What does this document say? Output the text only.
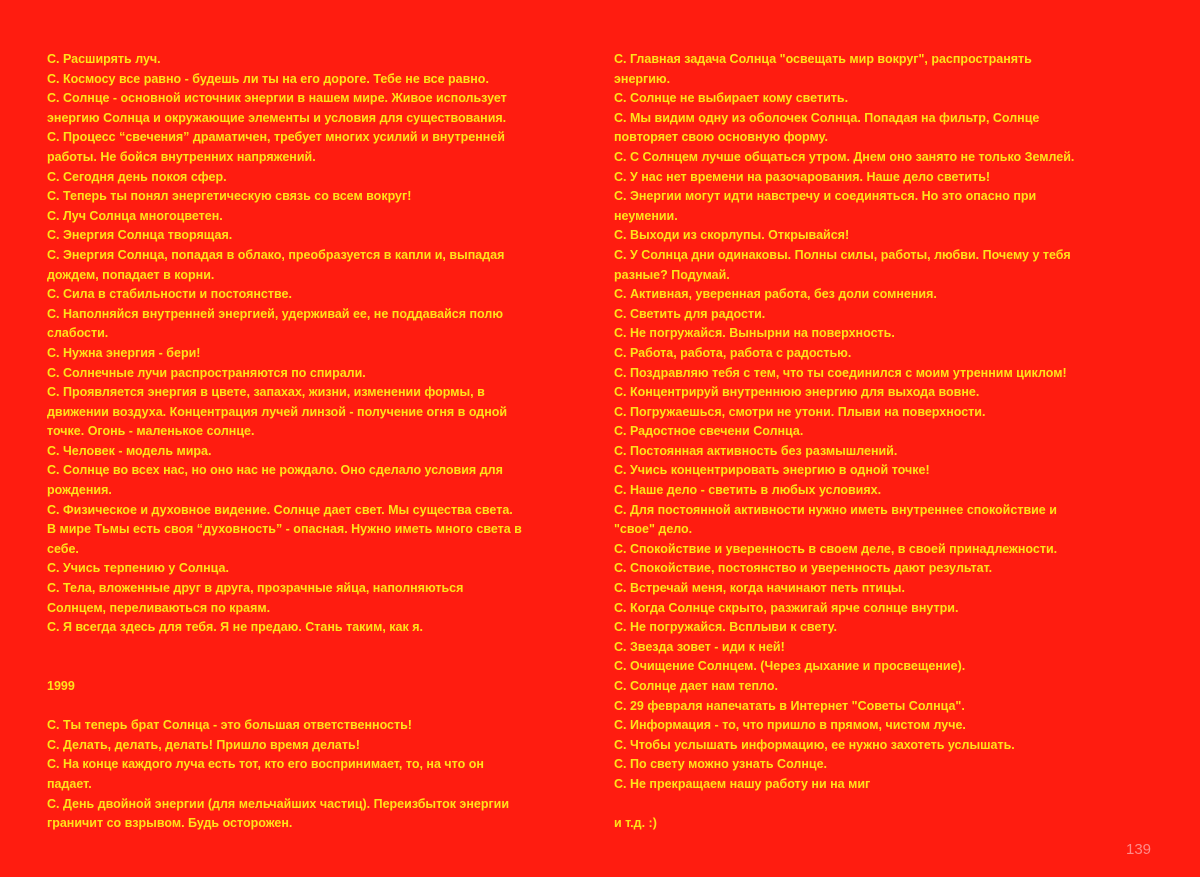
С. Расширять луч.
С. Космосу все равно - будешь ли ты на его дороге. Тебе не все равно.
С. Солнце - основной источник энергии в нашем мире. Живое использует
энергию Солнца и окружающие элементы и условия для существования.
С. Процесс “свечения” драматичен, требует многих усилий и внутренней
работы. Не бойся внутренних напряжений.
С. Сегодня день покоя сфер.
С. Теперь ты понял энергетическую связь со всем вокруг!
С. Луч Солнца многоцветен.
С. Энергия Солнца творящая.
С. Энергия Солнца, попадая в облако, преобразуется в капли и, выпадая
дождем, попадает в корни.
С. Сила в стабильности и постоянстве.
С. Наполняйся внутренней энергией, удерживай ее, не поддавайся полю
слабости.
С. Нужна энергия - бери!
С. Солнечные лучи распространяются по спирали.
С. Проявляется энергия в цвете, запахах, жизни, изменении формы, в
движении воздуха. Концентрация лучей линзой - получение огня в одной
точке. Огонь - маленькое солнце.
С. Человек - модель мира.
С. Солнце во всех нас, но оно нас не рождало. Оно сделало условия для
рождения.
С. Физическое и духовное видение. Солнце дает свет. Мы существа света.
В мире Тьмы есть своя “духовность” - опасная. Нужно иметь много света в
себе.
С. Учись терпению у Солнца.
С. Тела, вложенные друг в друга, прозрачные яйца, наполняються
Солнцем, переливаються по краям.
С. Я всегда здесь для тебя. Я не предаю. Стань таким, как я.
1999
С. Ты теперь брат Солнца - это большая ответственность!
С. Делать, делать, делать! Пришло время делать!
С. На конце каждого луча есть тот, кто его воспринимает, то, на что он
падает.
С. День двойной энергии (для мельчайших частиц). Переизбыток энергии
граничит со взрывом. Будь осторожен.
С. Главная задача Солнца "освещать мир вокруг", распространять
энергию.
С. Солнце не выбирает кому светить.
С. Мы видим одну из оболочек Солнца. Попадая на фильтр, Солнце
повторяет свою основную форму.
С. С Солнцем лучше общаться утром. Днем оно занято не только Землей.
С. У нас нет времени на разочарования. Наше дело светить!
С. Энергии могут идти навстречу и соединяться. Но это опасно при
неумении.
С. Выходи из скорлупы. Открывайся!
С. У Солнца дни одинаковы. Полны силы, работы, любви. Почему у тебя
разные? Подумай.
С. Активная, уверенная работа, без доли сомнения.
С. Светить для радости.
С. Не погружайся. Вынырни на поверхность.
С. Работа, работа, работа с радостью.
С. Поздравляю тебя с тем, что ты соединился с моим утренним циклом!
С. Концентрируй внутреннюю энергию для выхода вовне.
С. Погружаешься, смотри не утони. Плыви на поверхности.
С. Радостное свечени Солнца.
С. Постоянная активность без размышлений.
С. Учись концентрировать энергию в одной точке!
С. Наше дело - светить в любых условиях.
С. Для постоянной активности нужно иметь внутреннее спокойствие и
"свое" дело.
С. Спокойствие и уверенность в своем деле, в своей принадлежности.
С. Спокойствие, постоянство и уверенность дают результат.
С. Встречай меня, когда начинают петь птицы.
С. Когда Солнце скрыто, разжигай ярче солнце внутри.
С. Не погружайся. Всплыви к свету.
С. Звезда зовет - иди к ней!
С. Очищение Солнцем. (Через дыхание и просвещение).
С. Солнце дает нам тепло.
С. 29 февраля напечатать в Интернет "Советы Солнца".
С. Информация - то, что пришло в прямом, чистом луче.
С. Чтобы услышать информацию, ее нужно захотеть услышать.
С. По свету можно узнать Солнце.
С. Не прекращаем нашу работу ни на миг
и т.д. :)
139
